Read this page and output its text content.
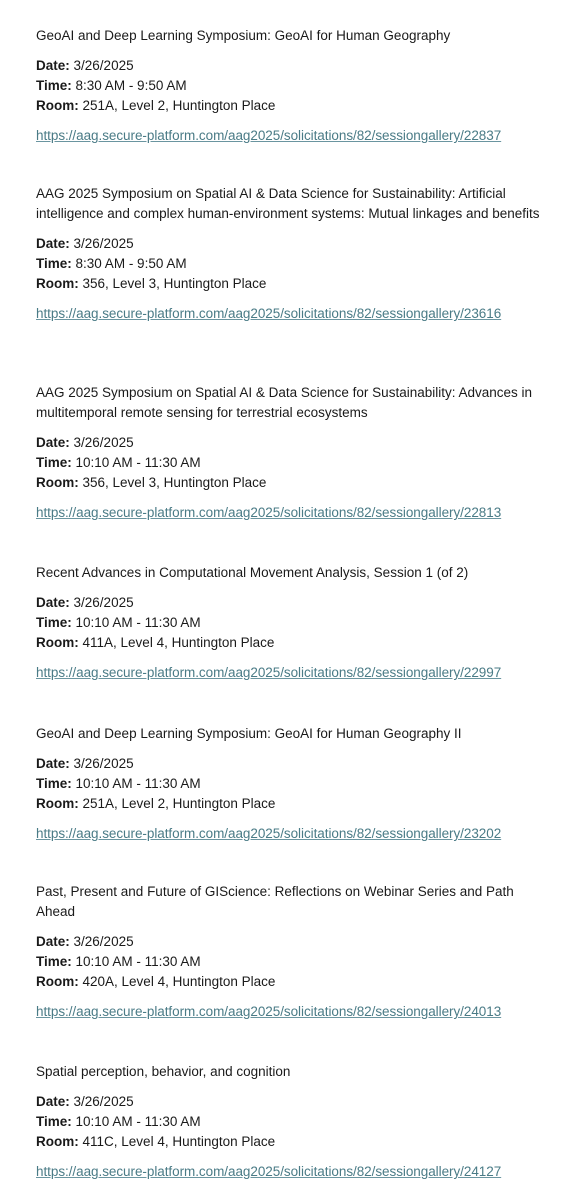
GeoAI and Deep Learning Symposium: GeoAI for Human Geography

Date: 3/26/2025
Time: 8:30 AM - 9:50 AM
Room: 251A, Level 2, Huntington Place
https://aag.secure-platform.com/aag2025/solicitations/82/sessiongallery/22837

AAG 2025 Symposium on Spatial AI & Data Science for Sustainability: Artificial intelligence and complex human-environment systems: Mutual linkages and benefits

Date: 3/26/2025
Time: 8:30 AM - 9:50 AM
Room: 356, Level 3, Huntington Place
https://aag.secure-platform.com/aag2025/solicitations/82/sessiongallery/23616

AAG 2025 Symposium on Spatial AI & Data Science for Sustainability: Advances in multitemporal remote sensing for terrestrial ecosystems

Date: 3/26/2025
Time: 10:10 AM - 11:30 AM
Room: 356, Level 3, Huntington Place
https://aag.secure-platform.com/aag2025/solicitations/82/sessiongallery/22813

Recent Advances in Computational Movement Analysis, Session 1 (of 2)

Date: 3/26/2025
Time: 10:10 AM - 11:30 AM
Room: 411A, Level 4, Huntington Place
https://aag.secure-platform.com/aag2025/solicitations/82/sessiongallery/22997

GeoAI and Deep Learning Symposium: GeoAI for Human Geography II

Date: 3/26/2025
Time: 10:10 AM - 11:30 AM
Room: 251A, Level 2, Huntington Place
https://aag.secure-platform.com/aag2025/solicitations/82/sessiongallery/23202

Past, Present and Future of GIScience: Reflections on Webinar Series and Path Ahead

Date: 3/26/2025
Time: 10:10 AM - 11:30 AM
Room: 420A, Level 4, Huntington Place
https://aag.secure-platform.com/aag2025/solicitations/82/sessiongallery/24013

Spatial perception, behavior, and cognition

Date: 3/26/2025
Time: 10:10 AM - 11:30 AM
Room: 411C, Level 4, Huntington Place
https://aag.secure-platform.com/aag2025/solicitations/82/sessiongallery/24127
